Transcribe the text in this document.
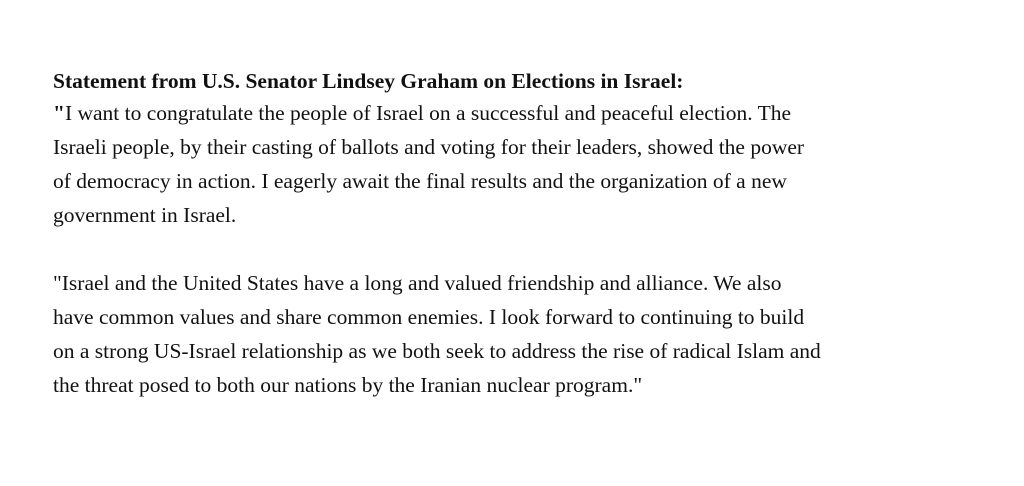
Statement from U.S. Senator Lindsey Graham on Elections in Israel:

"I want to congratulate the people of Israel on a successful and peaceful election. The
Israeli people, by their casting of ballots and voting for their leaders, showed the power
of democracy in action. I eagerly await the final results and the organization of a new
government in Israel.

"Israel and the United States have a long and valued friendship and alliance. We also
have common values and share common enemies. I look forward to continuing to build
on a strong US-Israel relationship as we both seek to address the rise of radical Islam and
the threat posed to both our nations by the Iranian nuclear program."
